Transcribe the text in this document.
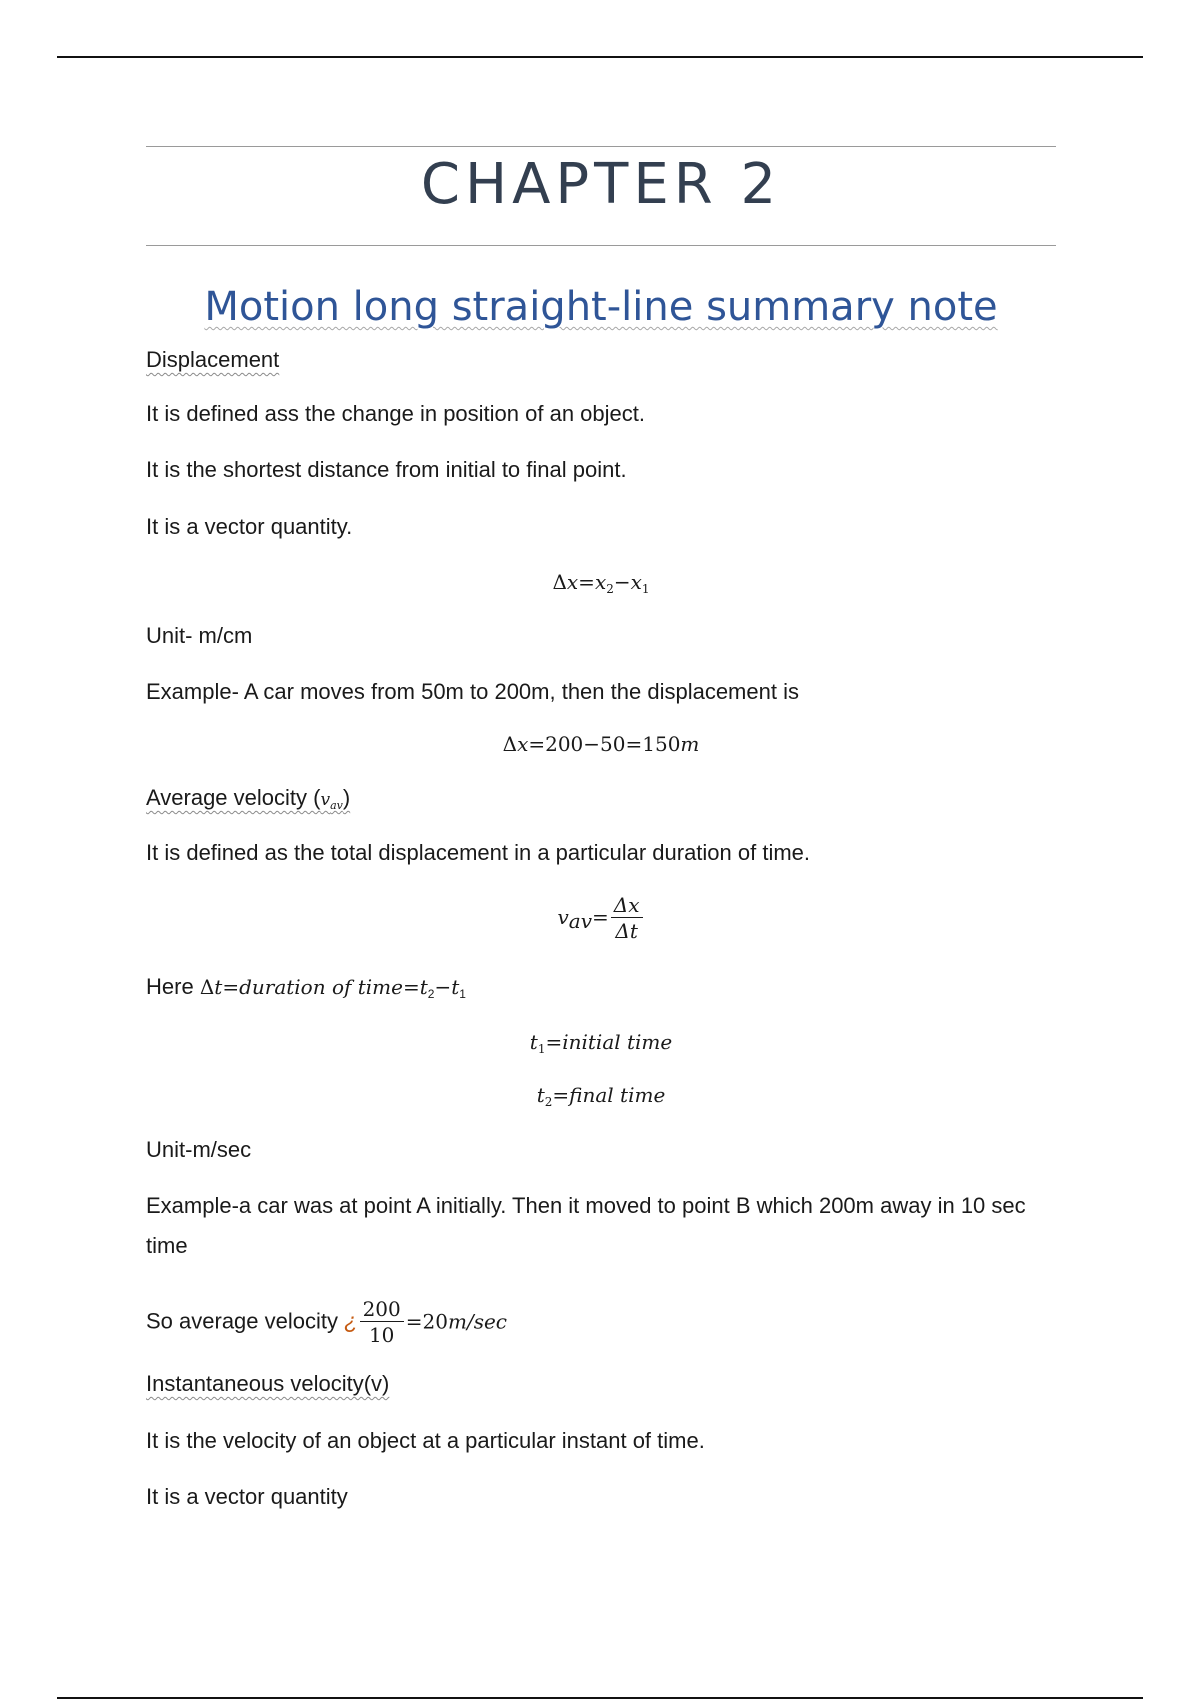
CHAPTER 2
Motion long straight-line summary note
Displacement
It is defined ass the change in position of an object.
It is the shortest distance from initial to final point.
It is a vector quantity.
$\Delta x=x_2-x_1$
Unit- m/cm
Example- A car moves from 50m to 200m, then the displacement is
Δx=200−50=150m
Average velocity $(v_{av})$
It is defined as the total displacement in a particular duration of time.
$v_{av}= \frac{\Delta x}{\Delta t}$
Here Δt=duration of $time=t_2-t_1$
$t_1=initial$ time
$t_2=final$ time
Unit-m/sec
Example-a car was at point A initially. Then it moved to point B which 200m away in 10 sec time
So average velocity ¿ $\frac{200}{10} =20m/\sec$
Instantaneous velocity(v)
It is the velocity of an object at a particular instant of time.
It is a vector quantity
